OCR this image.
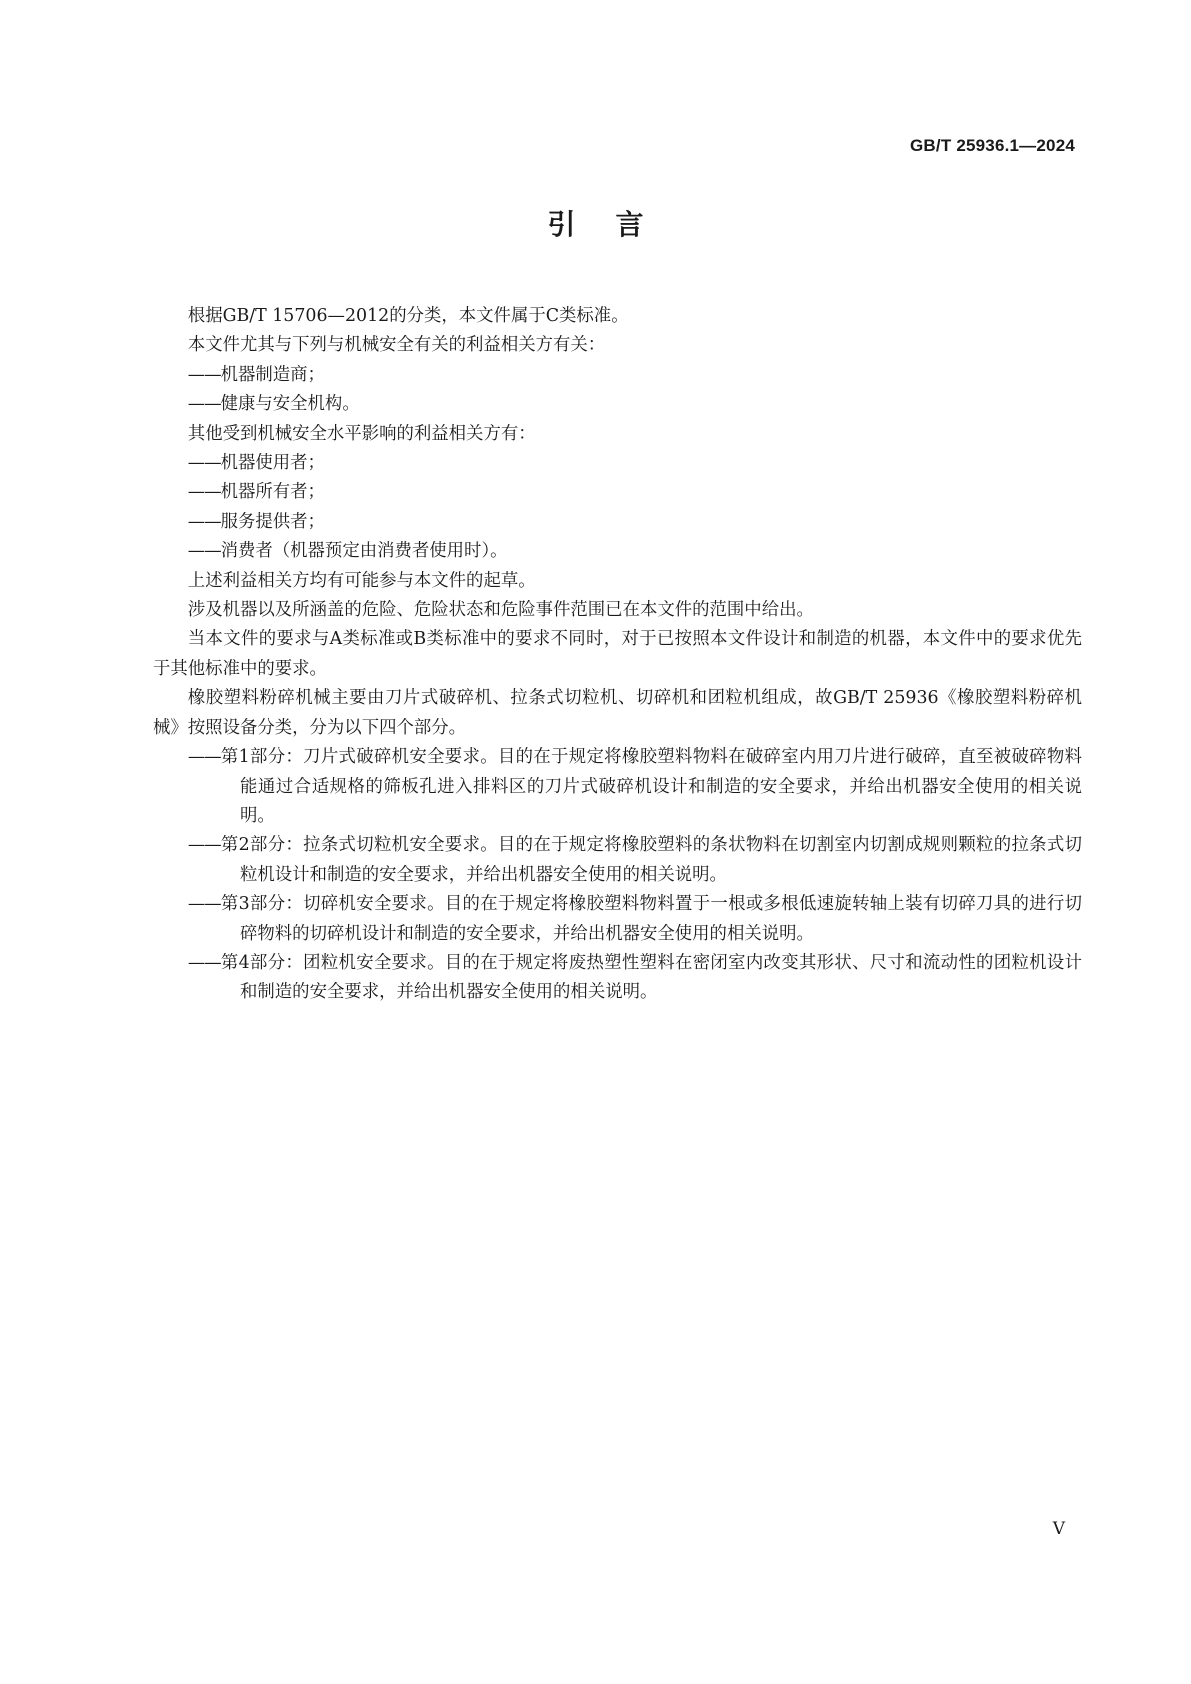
GB/T 25936.1—2024
引言

根据GB/T 15706—2012的分类，本文件属于C类标准。

本文件尤其与下列与机械安全有关的利益相关方有关：

——机器制造商；

——健康与安全机构。

其他受到机械安全水平影响的利益相关方有：

——机器使用者；

——机器所有者；

——服务提供者；

——消费者（机器预定由消费者使用时）。

上述利益相关方均有可能参与本文件的起草。

涉及机器以及所涵盖的危险、危险状态和危险事件范围已在本文件的范围中给出。

当本文件的要求与A类标准或B类标准中的要求不同时，对于已按照本文件设计和制造的机器，本文件中的要求优先于其他标准中的要求。

橡胶塑料粉碎机械主要由刀片式破碎机、拉条式切粒机、切碎机和团粒机组成，故GB/T 25936《橡胶塑料粉碎机械》按照设备分类，分为以下四个部分。

——第1部分：刀片式破碎机安全要求。目的在于规定将橡胶塑料物料在破碎室内用刀片进行破碎，直至被破碎物料能通过合适规格的筛板孔进入排料区的刀片式破碎机设计和制造的安全要求，并给出机器安全使用的相关说明。

——第2部分：拉条式切粒机安全要求。目的在于规定将橡胶塑料的条状物料在切割室内切割成规则颗粒的拉条式切粒机设计和制造的安全要求，并给出机器安全使用的相关说明。

——第3部分：切碎机安全要求。目的在于规定将橡胶塑料物料置于一根或多根低速旋转轴上装有切碎刀具的进行切碎物料的切碎机设计和制造的安全要求，并给出机器安全使用的相关说明。

——第4部分：团粒机安全要求。目的在于规定将废热塑性塑料在密闭室内改变其形状、尺寸和流动性的团粒机设计和制造的安全要求，并给出机器安全使用的相关说明。

V
